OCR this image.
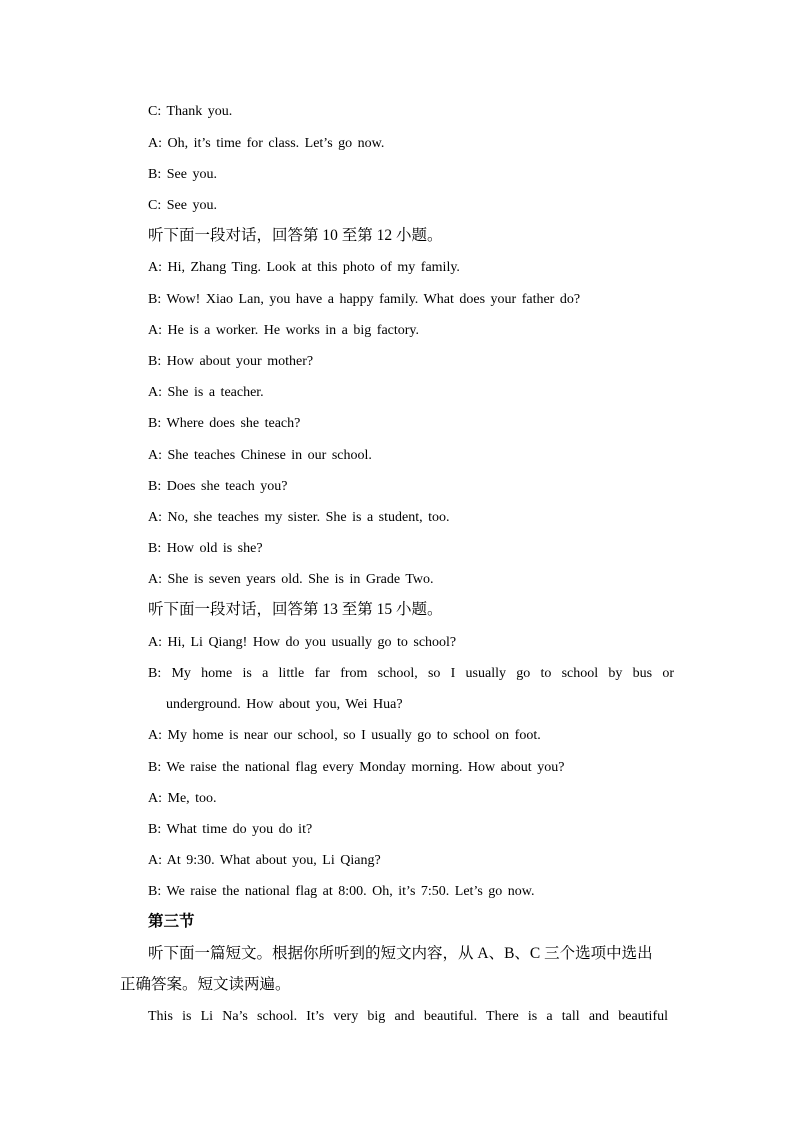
C: Thank you.
A: Oh, it’s time for class. Let’s go now.
B: See you.
C: See you.
听下面一段对话，回答第 10 至第 12 小题。
A: Hi, Zhang Ting. Look at this photo of my family.
B: Wow! Xiao Lan, you have a happy family. What does your father do?
A: He is a worker. He works in a big factory.
B: How about your mother?
A: She is a teacher.
B: Where does she teach?
A: She teaches Chinese in our school.
B: Does she teach you?
A: No, she teaches my sister. She is a student, too.
B: How old is she?
A: She is seven years old. She is in Grade Two.
听下面一段对话，回答第 13 至第 15 小题。
A: Hi, Li Qiang! How do you usually go to school?
B: My home is a little far from school, so I usually go to school by bus or
underground. How about you, Wei Hua?
A: My home is near our school, so I usually go to school on foot.
B: We raise the national flag every Monday morning. How about you?
A: Me, too.
B: What time do you do it?
A: At 9:30. What about you, Li Qiang?
B: We raise the national flag at 8:00. Oh, it’s 7:50. Let’s go now.
第三节
听下面一篇短文。根据你所听到的短文内容，从 A、B、C 三个选项中选出
正确答案。短文读两遍。
This is Li Na’s school. It’s very big and beautiful. There is a tall and beautiful
